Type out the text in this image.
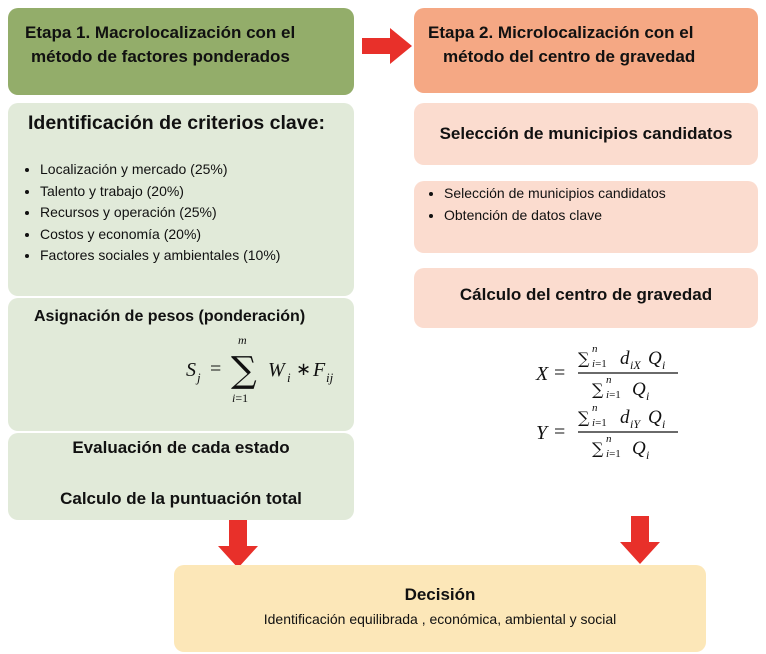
Etapa 1. Macrolocalización con el
método de factores ponderados
Etapa 2. Microlocalización con el
método del centro de gravedad
Identificación de criterios clave:
• Localización y mercado (25%)
• Talento y trabajo (20%)
• Recursos y operación (25%)
• Costos y economía (20%)
• Factores sociales y ambientales (10%)
Asignación de pesos (ponderación)
S j = ∑
m
i=1
W i ∗ F ij
Evaluación de cada estado
Calculo de la puntuación total
Selección de municipios candidatos
• Selección de municipios candidatos
• Obtención de datos clave
Cálculo del centro de gravedad
X =
∑ n
i=1 d iX Q i
∑ n
i=1 Q i
Y =
∑ n
i=1 d iY Q i
∑ n
i=1 Q i
Decisión
Identificación equilibrada , económica, ambiental y social
